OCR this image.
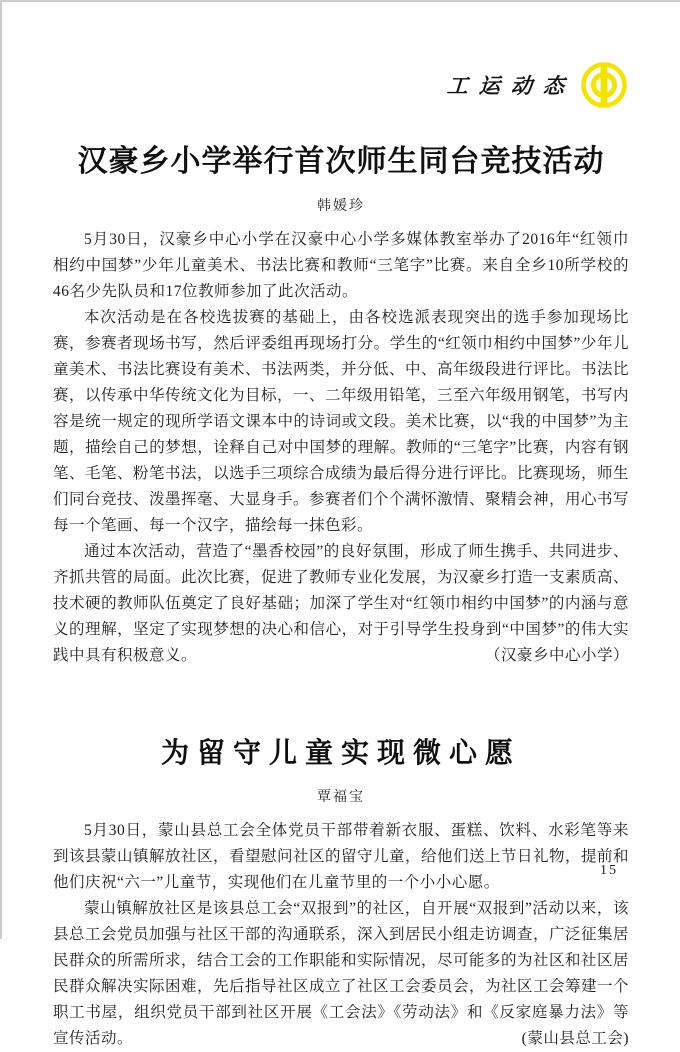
工运动态
汉豪乡小学举行首次师生同台竞技活动
韩媛珍

5月30日，汉豪乡中心小学在汉豪中心小学多媒体教室举办了2016年“红领巾相约中国梦”少年儿童美术、书法比赛和教师“三笔字”比赛。来自全乡10所学校的46名少先队员和17位教师参加了此次活动。

本次活动是在各校选拔赛的基础上，由各校选派表现突出的选手参加现场比赛，参赛者现场书写，然后评委组再现场打分。学生的“红领巾相约中国梦”少年儿童美术、书法比赛设有美术、书法两类，并分低、中、高年级段进行评比。书法比赛，以传承中华传统文化为目标，一、二年级用铅笔，三至六年级用钢笔，书写内容是统一规定的现所学语文课本中的诗词或文段。美术比赛，以“我的中国梦”为主题，描绘自己的梦想，诠释自己对中国梦的理解。教师的“三笔字”比赛，内容有钢笔、毛笔、粉笔书法，以选手三项综合成绩为最后得分进行评比。比赛现场，师生们同台竞技、泼墨挥毫、大显身手。参赛者们个个满怀激情、聚精会神，用心书写每一个笔画、每一个汉字，描绘每一抹色彩。

通过本次活动，营造了“墨香校园”的良好氛围，形成了师生携手、共同进步、齐抓共管的局面。此次比赛，促进了教师专业化发展，为汉豪乡打造一支素质高、技术硬的教师队伍奠定了良好基础；加深了学生对“红领巾相约中国梦”的内涵与意义的理解，坚定了实现梦想的决心和信心，对于引导学生投身到“中国梦”的伟大实践中具有积极意义。	（汉豪乡中心小学）

为留守儿童实现微心愿
覃福宝

5月30日，蒙山县总工会全体党员干部带着新衣服、蛋糕、饮料、水彩笔等来到该县蒙山镇解放社区，看望慰问社区的留守儿童，给他们送上节日礼物，提前和他们庆祝“六一”儿童节，实现他们在儿童节里的一个小小心愿。

蒙山镇解放社区是该县总工会“双报到”的社区，自开展“双报到”活动以来，该县总工会党员加强与社区干部的沟通联系，深入到居民小组走访调查，广泛征集居民群众的所需所求，结合工会的工作职能和实际情况，尽可能多的为社区和社区居民群众解决实际困难，先后指导社区成立了社区工会委员会，为社区工会筹建一个职工书屋，组织党员干部到社区开展《工会法》《劳动法》和《反家庭暴力法》等宣传活动。	(蒙山县总工会)

15
